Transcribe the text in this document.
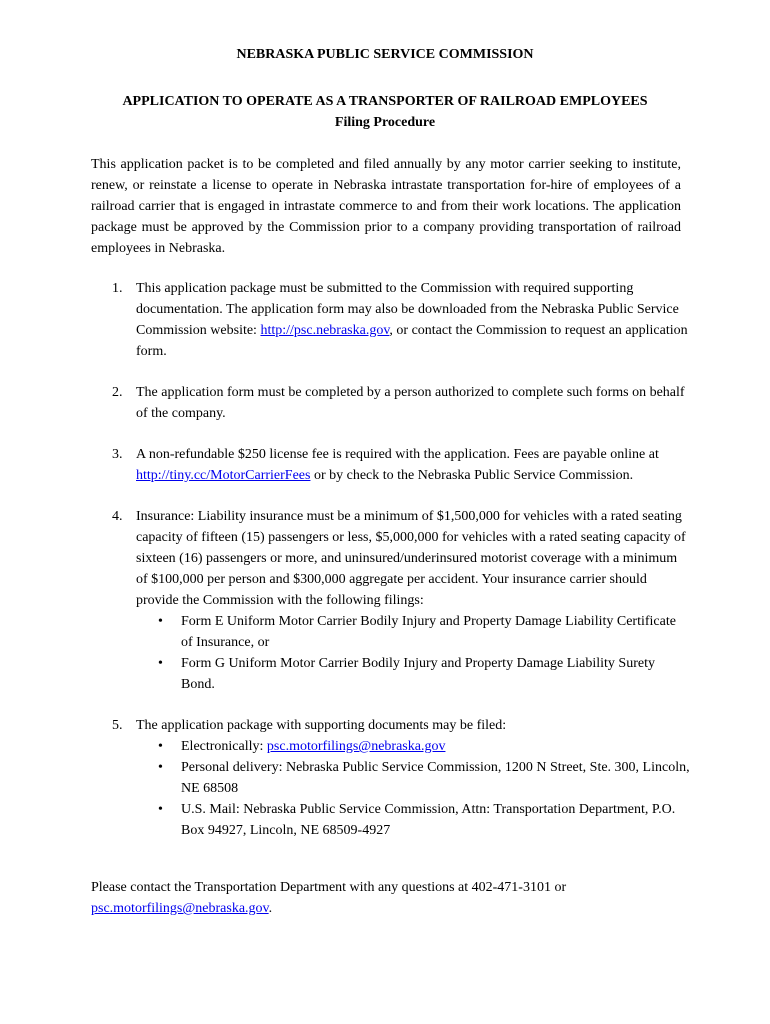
NEBRASKA PUBLIC SERVICE COMMISSION
APPLICATION TO OPERATE AS A TRANSPORTER OF RAILROAD EMPLOYEES
Filing Procedure

This application packet is to be completed and filed annually by any motor carrier seeking to institute, renew, or reinstate a license to operate in Nebraska intrastate transportation for-hire of employees of a railroad carrier that is engaged in intrastate commerce to and from their work locations. The application package must be approved by the Commission prior to a company providing transportation of railroad employees in Nebraska.

1. This application package must be submitted to the Commission with required supporting documentation. The application form may also be downloaded from the Nebraska Public Service Commission website: http://psc.nebraska.gov, or contact the Commission to request an application form.
2. The application form must be completed by a person authorized to complete such forms on behalf of the company.
3. A non-refundable $250 license fee is required with the application. Fees are payable online at http://tiny.cc/MotorCarrierFees or by check to the Nebraska Public Service Commission.
4. Insurance: Liability insurance must be a minimum of $1,500,000 for vehicles with a rated seating capacity of fifteen (15) passengers or less, $5,000,000 for vehicles with a rated seating capacity of sixteen (16) passengers or more, and uninsured/underinsured motorist coverage with a minimum of $100,000 per person and $300,000 aggregate per accident. Your insurance carrier should provide the Commission with the following filings:
• Form E Uniform Motor Carrier Bodily Injury and Property Damage Liability Certificate of Insurance, or
• Form G Uniform Motor Carrier Bodily Injury and Property Damage Liability Surety Bond.
5. The application package with supporting documents may be filed:
• Electronically: psc.motorfilings@nebraska.gov
• Personal delivery: Nebraska Public Service Commission, 1200 N Street, Ste. 300, Lincoln, NE 68508
• U.S. Mail: Nebraska Public Service Commission, Attn: Transportation Department, P.O. Box 94927, Lincoln, NE 68509-4927

Please contact the Transportation Department with any questions at 402-471-3101 or psc.motorfilings@nebraska.gov.
